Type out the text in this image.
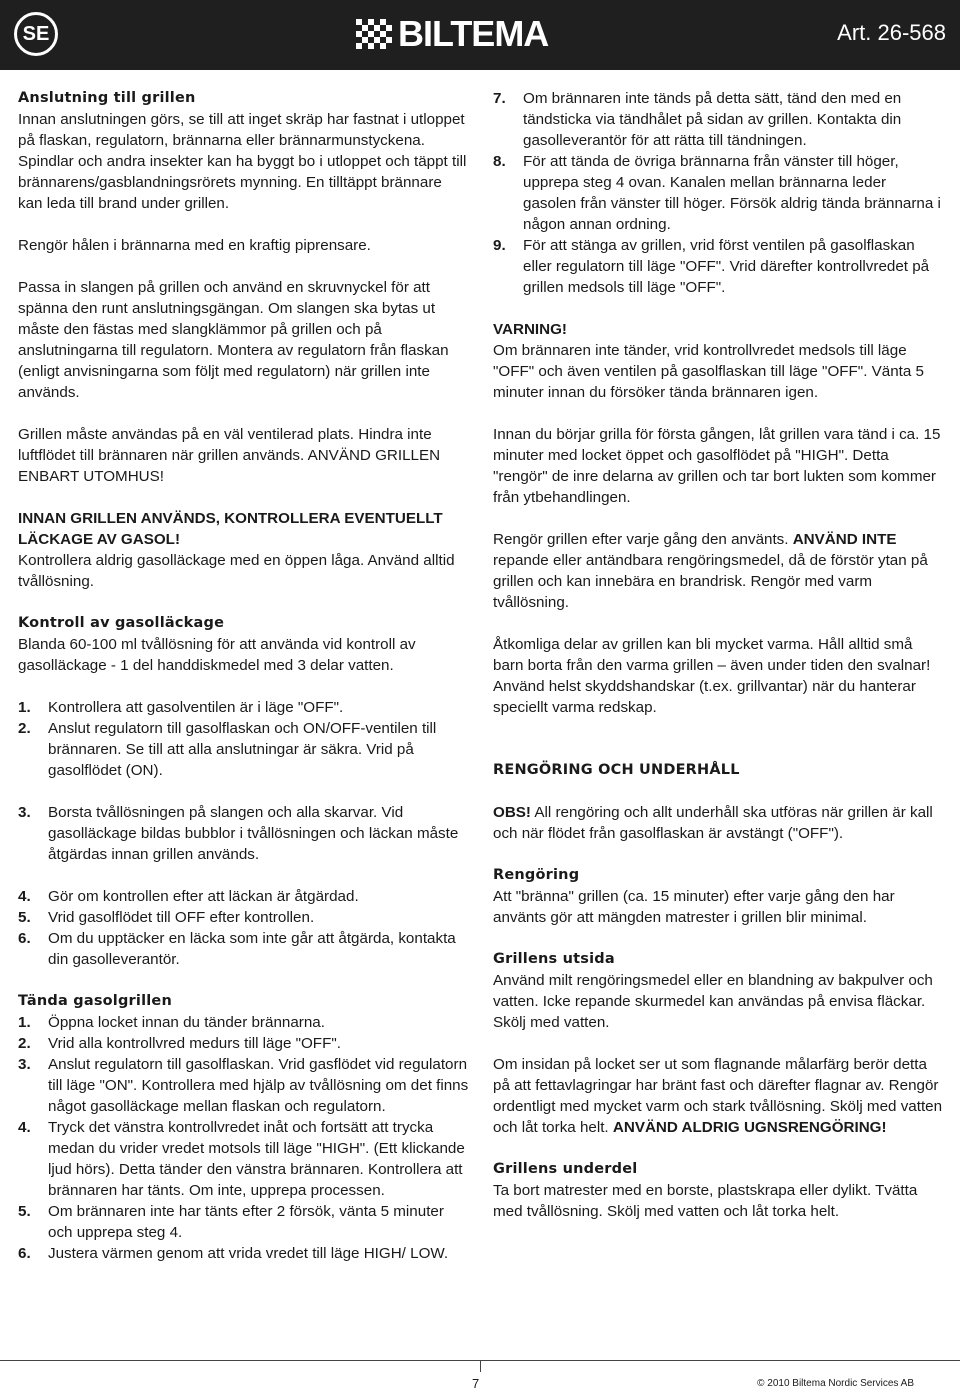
SE	BILTEMA	Art. 26-568
Anslutning till grillen

Innan anslutningen görs, se till att inget skräp har fastnat i utloppet på flaskan, regulatorn, brännarna eller brännarmunstyckena. Spindlar och andra insekter kan ha byggt bo i utloppet och täppt till brännarens/gasblandningsrörets mynning. En tilltäppt brännare kan leda till brand under grillen.

Rengör hålen i brännarna med en kraftig piprensare.

Passa in slangen på grillen och använd en skruvnyckel för att spänna den runt anslutningsgängan. Om slangen ska bytas ut måste den fästas med slangklämmor på grillen och på anslutningarna till regulatorn. Montera av regulatorn från flaskan (enligt anvisningarna som följt med regulatorn) när grillen inte används.

Grillen måste användas på en väl ventilerad plats. Hindra inte luftflödet till brännaren när grillen används. ANVÄND GRILLEN ENBART UTOMHUS!

INNAN GRILLEN ANVÄNDS, KONTROLLERA EVENTUELLT LÄCKAGE AV GASOL!

Kontrollera aldrig gasolläckage med en öppen låga. Använd alltid tvållösning.

Kontroll av gasolläckage

Blanda 60-100 ml tvållösning för att använda vid kontroll av gasolläckage - 1 del handdiskmedel med 3 delar vatten.

1. Kontrollera att gasolventilen är i läge "OFF".
2. Anslut regulatorn till gasolflaskan och ON/OFF-ventilen till brännaren. Se till att alla anslutningar är säkra. Vrid på gasolflödet (ON).
3. Borsta tvållösningen på slangen och alla skarvar. Vid gasolläckage bildas bubblor i tvållösningen och läckan måste åtgärdas innan grillen används.
4. Gör om kontrollen efter att läckan är åtgärdad.
5. Vrid gasolflödet till OFF efter kontrollen.
6. Om du upptäcker en läcka som inte går att åtgärda, kontakta din gasolleverantör.
Tända gasolgrillen
1. Öppna locket innan du tänder brännarna.
2. Vrid alla kontrollvred medurs till läge "OFF".
3. Anslut regulatorn till gasolflaskan. Vrid gasflödet vid regulatorn till läge "ON". Kontrollera med hjälp av tvållösning om det finns något gasolläckage mellan flaskan och regulatorn.
4. Tryck det vänstra kontrollvredet inåt och fortsätt att trycka medan du vrider vredet motsols till läge "HIGH". (Ett klickande ljud hörs). Detta tänder den vänstra brännaren. Kontrollera att brännaren har tänts. Om inte, upprepa processen.
5. Om brännaren inte har tänts efter 2 försök, vänta 5 minuter och upprepa steg 4.
6. Justera värmen genom att vrida vredet till läge HIGH/ LOW.
7. Om brännaren inte tänds på detta sätt, tänd den med en tändsticka via tändhålet på sidan av grillen. Kontakta din gasolleverantör för att rätta till tändningen.
8. För att tända de övriga brännarna från vänster till höger, upprepa steg 4 ovan. Kanalen mellan brännarna leder gasolen från vänster till höger. Försök aldrig tända brännarna i någon annan ordning.
9. För att stänga av grillen, vrid först ventilen på gasolflaskan eller regulatorn till läge "OFF". Vrid därefter kontrollvredet på grillen medsols till läge "OFF".
VARNING!

Om brännaren inte tänder, vrid kontrollvredet medsols till läge "OFF" och även ventilen på gasolflaskan till läge "OFF". Vänta 5 minuter innan du försöker tända brännaren igen.

Innan du börjar grilla för första gången, låt grillen vara tänd i ca. 15 minuter med locket öppet och gasolflödet på "HIGH". Detta "rengör" de inre delarna av grillen och tar bort lukten som kommer från ytbehandlingen.

Rengör grillen efter varje gång den använts. ANVÄND INTE repande eller antändbara rengöringsmedel, då de förstör ytan på grillen och kan innebära en brandrisk. Rengör med varm tvållösning.

Åtkomliga delar av grillen kan bli mycket varma. Håll alltid små barn borta från den varma grillen – även under tiden den svalnar! Använd helst skyddshandskar (t.ex. grillvantar) när du hanterar speciellt varma redskap.

RENGÖRING OCH UNDERHÅLL

OBS! All rengöring och allt underhåll ska utföras när grillen är kall och när flödet från gasolflaskan är avstängt ("OFF").

Rengöring

Att "bränna" grillen (ca. 15 minuter) efter varje gång den har använts gör att mängden matrester i grillen blir minimal.

Grillens utsida

Använd milt rengöringsmedel eller en blandning av bakpulver och vatten. Icke repande skurmedel kan användas på envisa fläckar. Skölj med vatten.

Om insidan på locket ser ut som flagnande målarfärg berör detta på att fettavlagringar har bränt fast och därefter flagnar av. Rengör ordentligt med mycket varm och stark tvållösning. Skölj med vatten och låt torka helt. ANVÄND ALDRIG UGNSRENGÖRING!

Grillens underdel

Ta bort matrester med en borste, plastskrapa eller dylikt. Tvätta med tvållösning. Skölj med vatten och låt torka helt.

7	© 2010 Biltema Nordic Services AB
